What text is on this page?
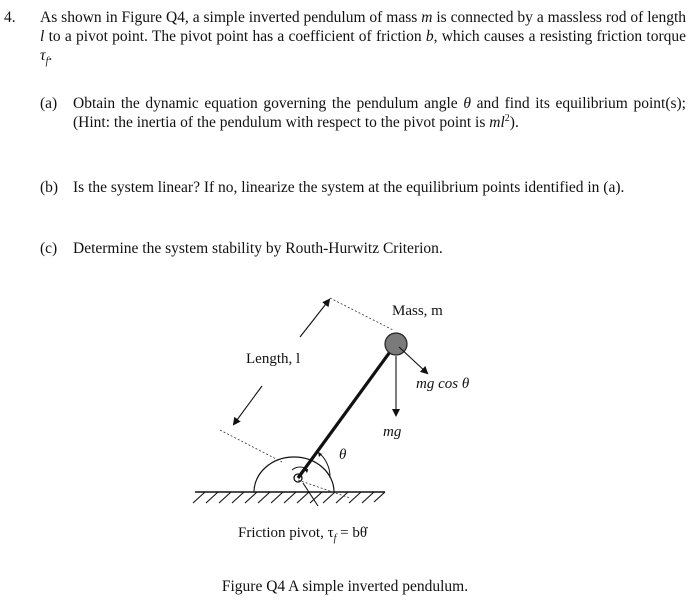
4. As shown in Figure Q4, a simple inverted pendulum of mass m is connected by a massless rod of length l to a pivot point. The pivot point has a coefficient of friction b, which causes a resisting friction torque $\tau_f$.
(a)	Obtain the dynamic equation governing the pendulum angle θ and find its equilibrium point(s); (Hint: the inertia of the pendulum with respect to the pivot point is $ml^2$).
(b) Is the system linear? If no, linearize the system at the equilibrium points identified in (a).
(c)	Determine the system stability by Routh-Hurwitz Criterion.
Mass, m
Length, l
mg cos θ
mg
θ
Friction pivot, $\tau_f$ = bθ̇
Figure Q4 A simple inverted pendulum.
